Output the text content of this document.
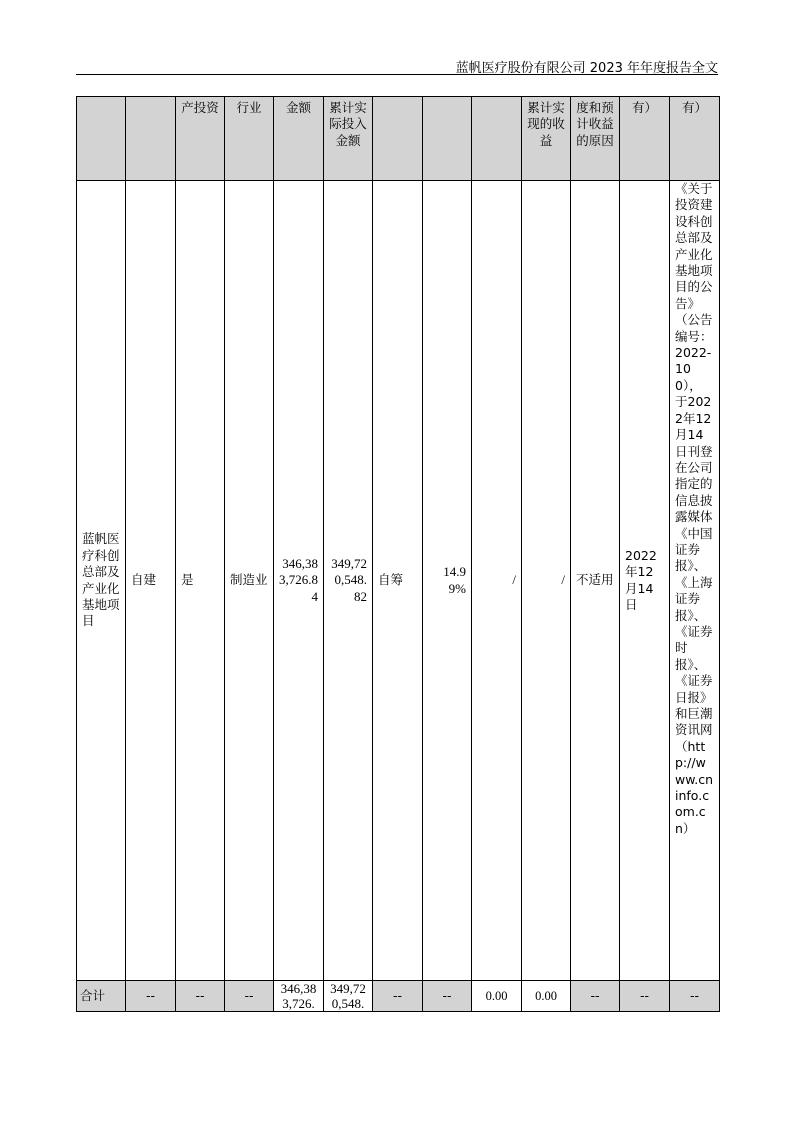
蓝帆医疗股份有限公司 2023 年年度报告全文
		产投资	行业	金额	累计实际投入金额				累计实现的收益	度和预计收益的原因	有）	有）
蓝帆医疗科创总部及产业化基地项目	自建	是	制造业	346,383,726.84	349,720,548.82	自筹	14.99%	/	/	不适用	2022年12月14日	《关于投资建设科创总部及产业化基地项目的公告》（公告编号：2022-100），于2022年12月14日刊登在公司指定的信息披露媒体《中国证券报》、《上海证券报》、《证券时报》、《证券日报》和巨潮资讯网（http://www.cninfo.com.cn）
合计	--	--	--	346,383,726.	349,720,548.	--	--	0.00	0.00	--	--	--
